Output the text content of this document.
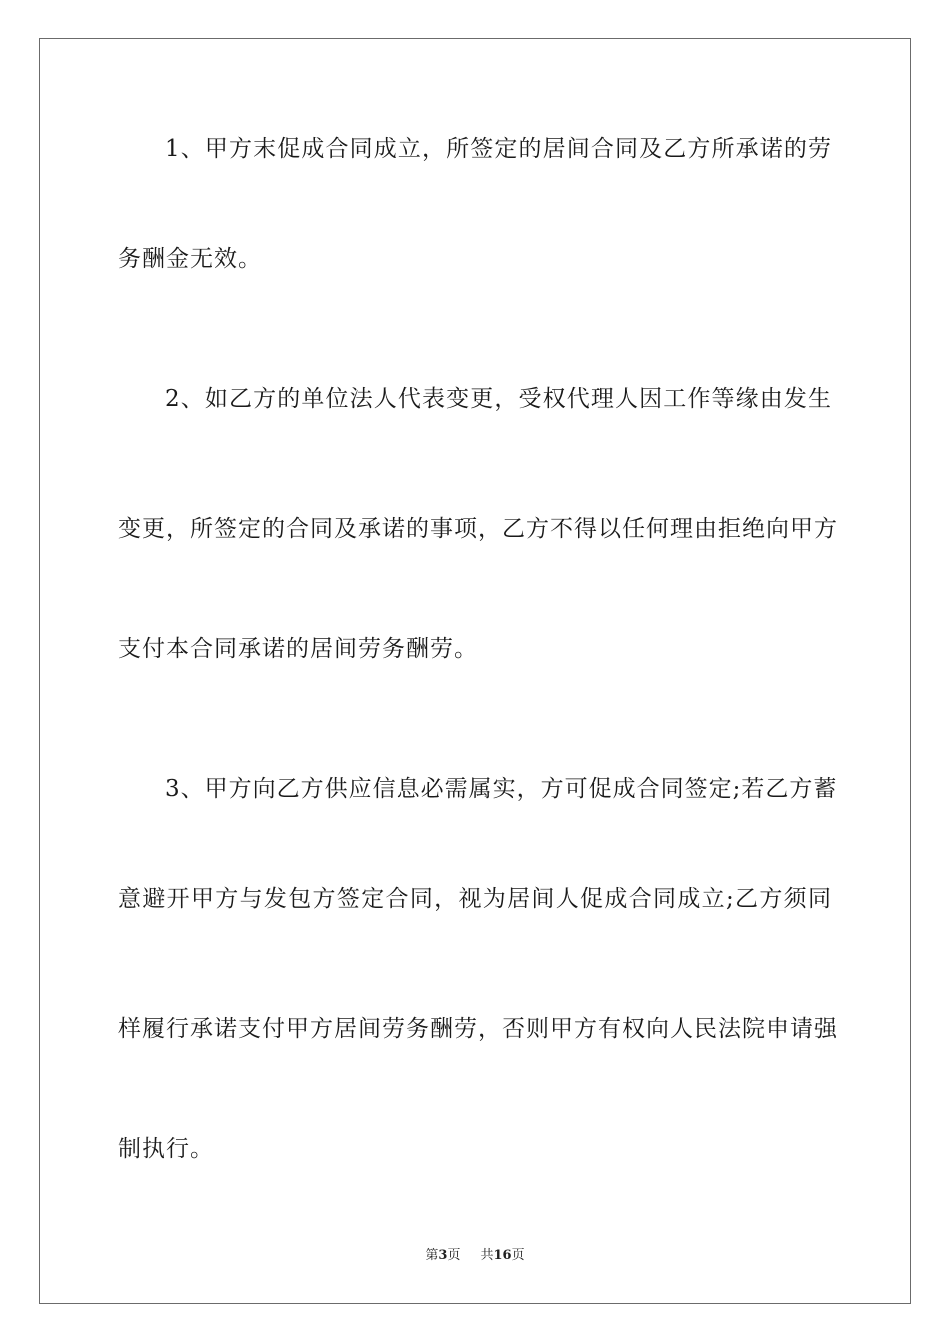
1、甲方末促成合同成立，所签定的居间合同及乙方所承诺的劳
务酬金无效。
2、如乙方的单位法人代表变更，受权代理人因工作等缘由发生
变更，所签定的合同及承诺的事项，乙方不得以任何理由拒绝向甲方
支付本合同承诺的居间劳务酬劳。
3、甲方向乙方供应信息必需属实，方可促成合同签定;若乙方蓄
意避开甲方与发包方签定合同，视为居间人促成合同成立;乙方须同
样履行承诺支付甲方居间劳务酬劳，否则甲方有权向人民法院申请强
制执行。
第3页 共16页
